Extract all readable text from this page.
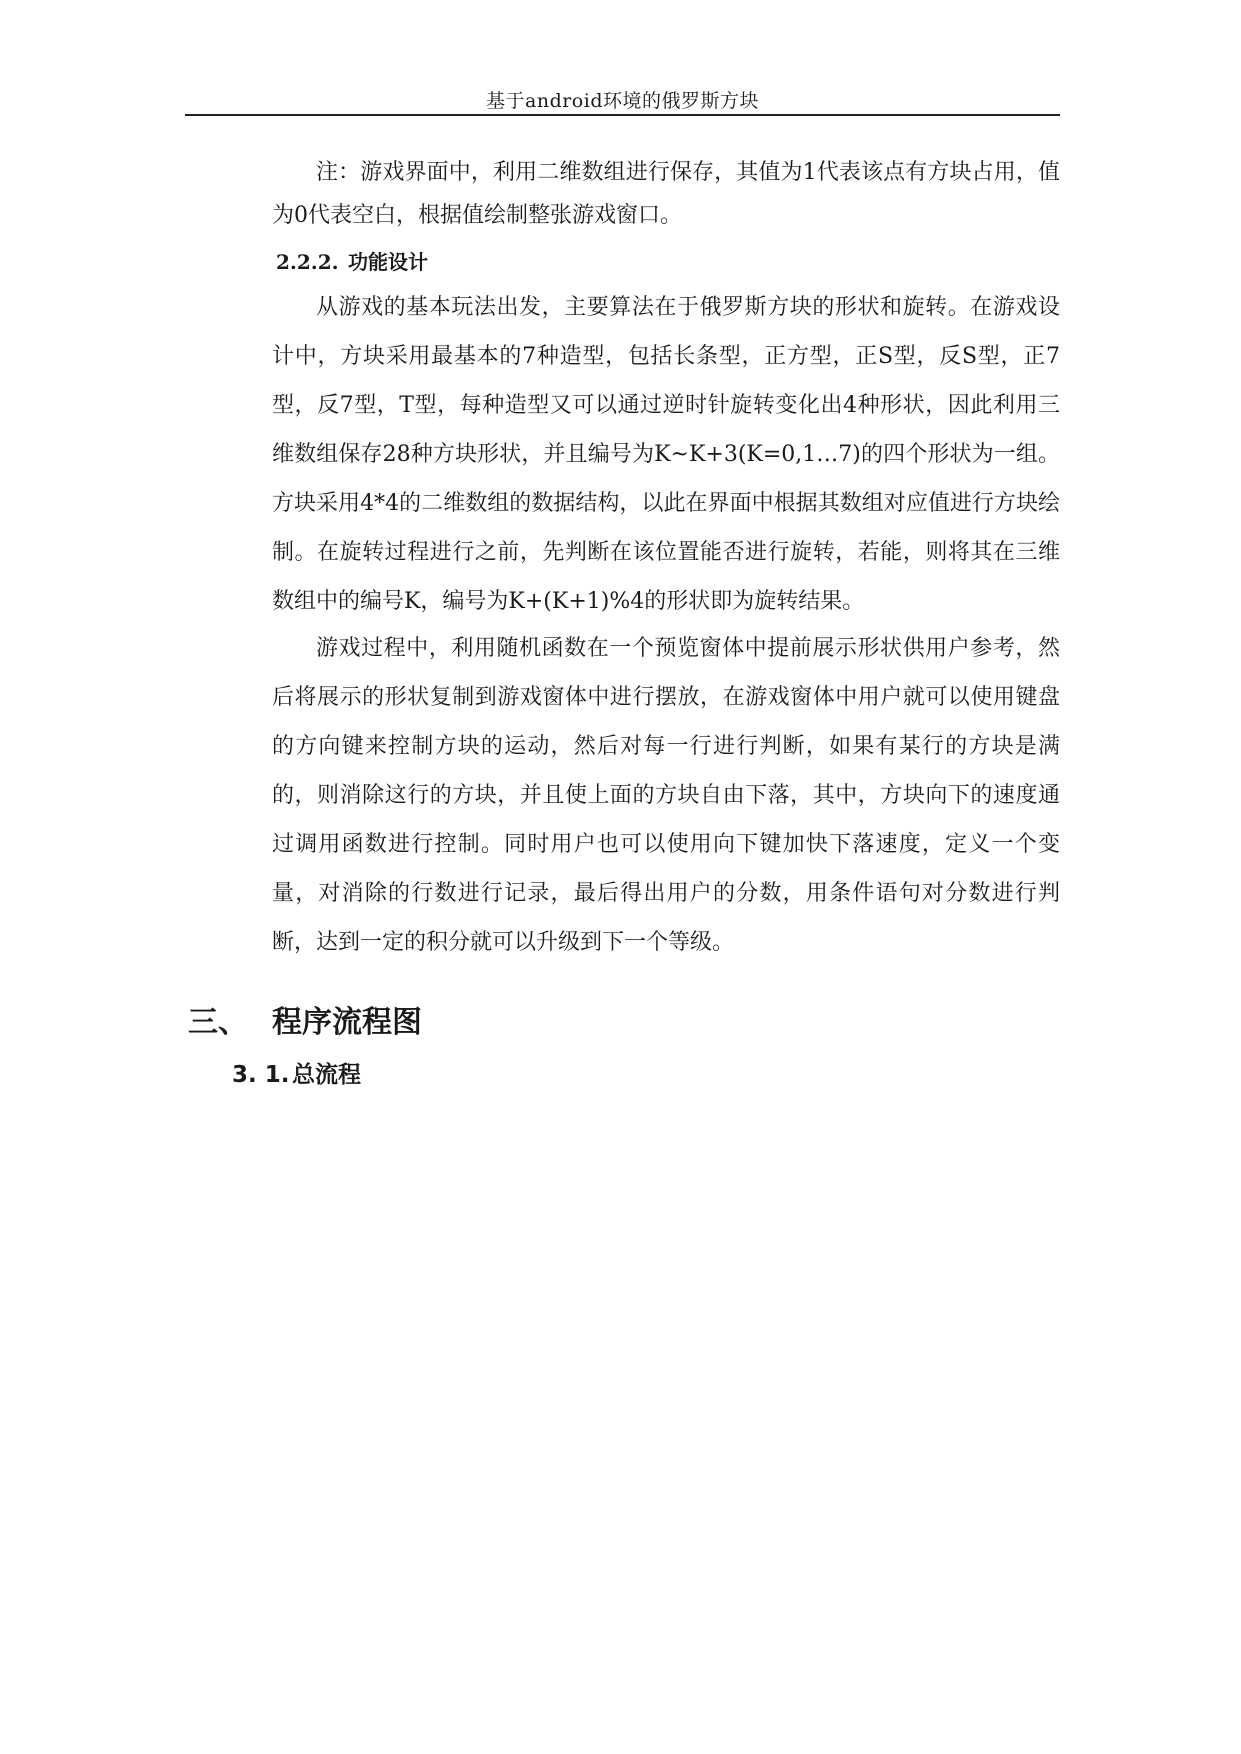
基于android环境的俄罗斯方块

注：游戏界面中，利用二维数组进行保存，其值为1代表该点有方块占用，值为0代表空白，根据值绘制整张游戏窗口。

2.2.2. 功能设计

从游戏的基本玩法出发，主要算法在于俄罗斯方块的形状和旋转。在游戏设计中，方块采用最基本的7种造型，包括长条型，正方型，正S型，反S型，正7型，反7型，T型，每种造型又可以通过逆时针旋转变化出4种形状，因此利用三维数组保存28种方块形状，并且编号为K~K+3(K=0,1…7)的四个形状为一组。方块采用4*4的二维数组的数据结构，以此在界面中根据其数组对应值进行方块绘制。在旋转过程进行之前，先判断在该位置能否进行旋转，若能，则将其在三维数组中的编号K，编号为K+(K+1)%4的形状即为旋转结果。

游戏过程中，利用随机函数在一个预览窗体中提前展示形状供用户参考，然后将展示的形状复制到游戏窗体中进行摆放，在游戏窗体中用户就可以使用键盘的方向键来控制方块的运动，然后对每一行进行判断，如果有某行的方块是满的，则消除这行的方块，并且使上面的方块自由下落，其中，方块向下的速度通过调用函数进行控制。同时用户也可以使用向下键加快下落速度，定义一个变量，对消除的行数进行记录，最后得出用户的分数，用条件语句对分数进行判断，达到一定的积分就可以升级到下一个等级。

三、 程序流程图
3. 1. 总流程
